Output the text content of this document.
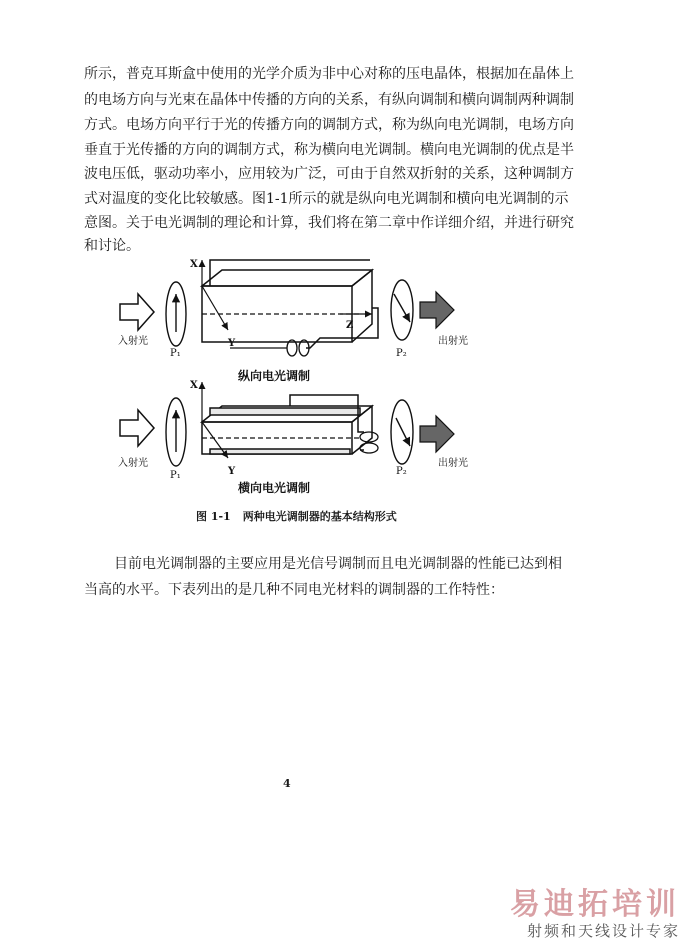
所示，普克耳斯盒中使用的光学介质为非中心对称的压电晶体，根据加在晶体上
的电场方向与光束在晶体中传播的方向的关系，有纵向调制和横向调制两种调制
方式。电场方向平行于光的传播方向的调制方式，称为纵向电光调制，电场方向
垂直于光传播的方向的调制方式，称为横向电光调制。横向电光调制的优点是半
波电压低，驱动功率小，应用较为广泛，可由于自然双折射的关系，这种调制方
式对温度的变化比较敏感。图1-1所示的就是纵向电光调制和横向电光调制的示
意图。关于电光调制的理论和计算，我们将在第二章中作详细介绍，并进行研究
和讨论。
入射光
P₁
X
Y
Z
P₂
出射光
纵向电光调制
入射光
P₁
X
Y	P₂
出射光
横向电光调制
图 1-1 两种电光调制器的基本结构形式
目前电光调制器的主要应用是光信号调制而且电光调制器的性能已达到相
当高的水平。下表列出的是几种不同电光材料的调制器的工作特性：
4
易迪拓培训
射频和天线设计专家
